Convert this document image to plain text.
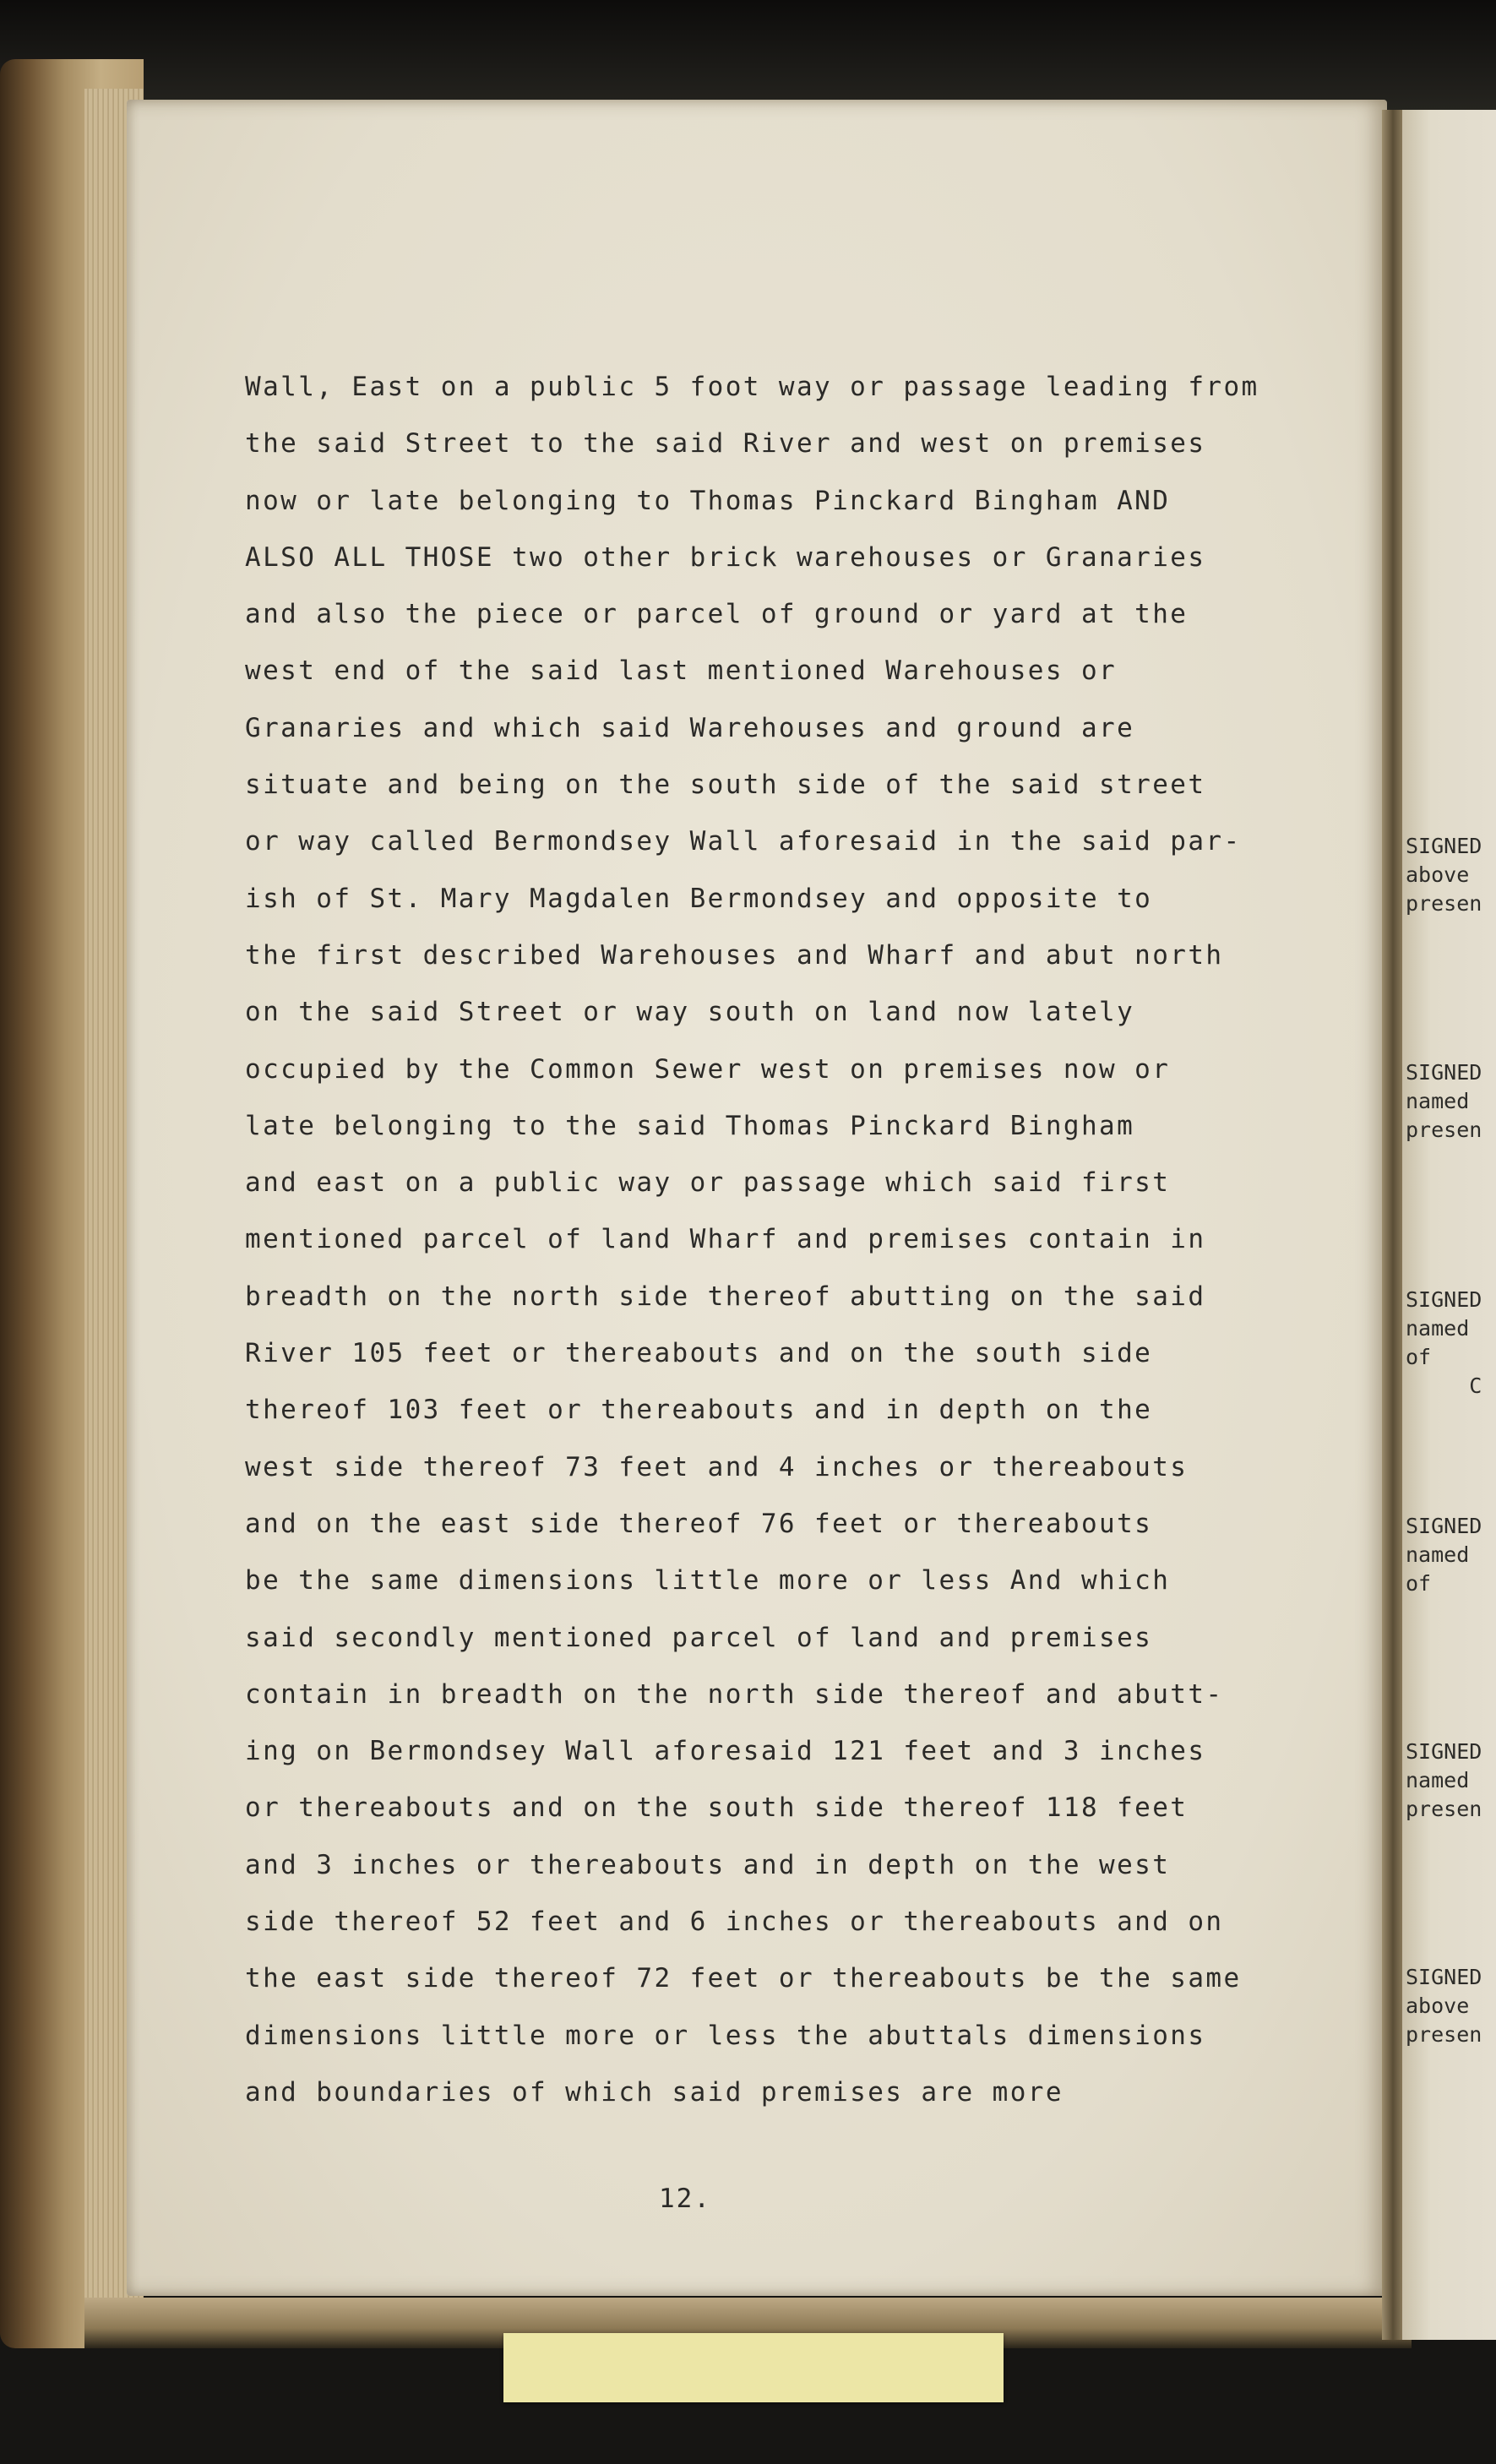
Wall, East on a public 5 foot way or passage leading from
the said Street to the said River and west on premises
now or late belonging to Thomas Pinckard Bingham AND
ALSO ALL THOSE two other brick warehouses or Granaries
and also the piece or parcel of ground or yard at the
west end of the said last mentioned Warehouses or
Granaries and which said Warehouses and ground are
situate and being on the south side of the said street
or way called Bermondsey Wall aforesaid in the said par-
ish of St. Mary Magdalen Bermondsey and opposite to
the first described Warehouses and Wharf and abut north
on the said Street or way south on land now lately
occupied by the Common Sewer west on premises now or
late belonging to the said Thomas Pinckard Bingham
and east on a public way or passage which said first
mentioned parcel of land Wharf and premises contain in
breadth on the north side thereof abutting on the said
River 105 feet or thereabouts and on the south side
thereof 103 feet or thereabouts and in depth on the
west side thereof 73 feet and 4 inches or thereabouts
and on the east side thereof 76 feet or thereabouts
be the same dimensions little more or less And which
said secondly mentioned parcel of land and premises
contain in breadth on the north side thereof and abutt-
ing on Bermondsey Wall aforesaid 121 feet and 3 inches
or thereabouts and on the south side thereof 118 feet
and 3 inches or thereabouts and in depth on the west
side thereof 52 feet and 6 inches or thereabouts and on
the east side thereof 72 feet or thereabouts be the same
dimensions little more or less the abuttals dimensions
and boundaries of which said premises are more
12.
SIGNED
above
presen
SIGNED
named
presen
SIGNED
named
of
C
SIGNED
named
of
SIGNED
named
presen
SIGNED
above
presen
